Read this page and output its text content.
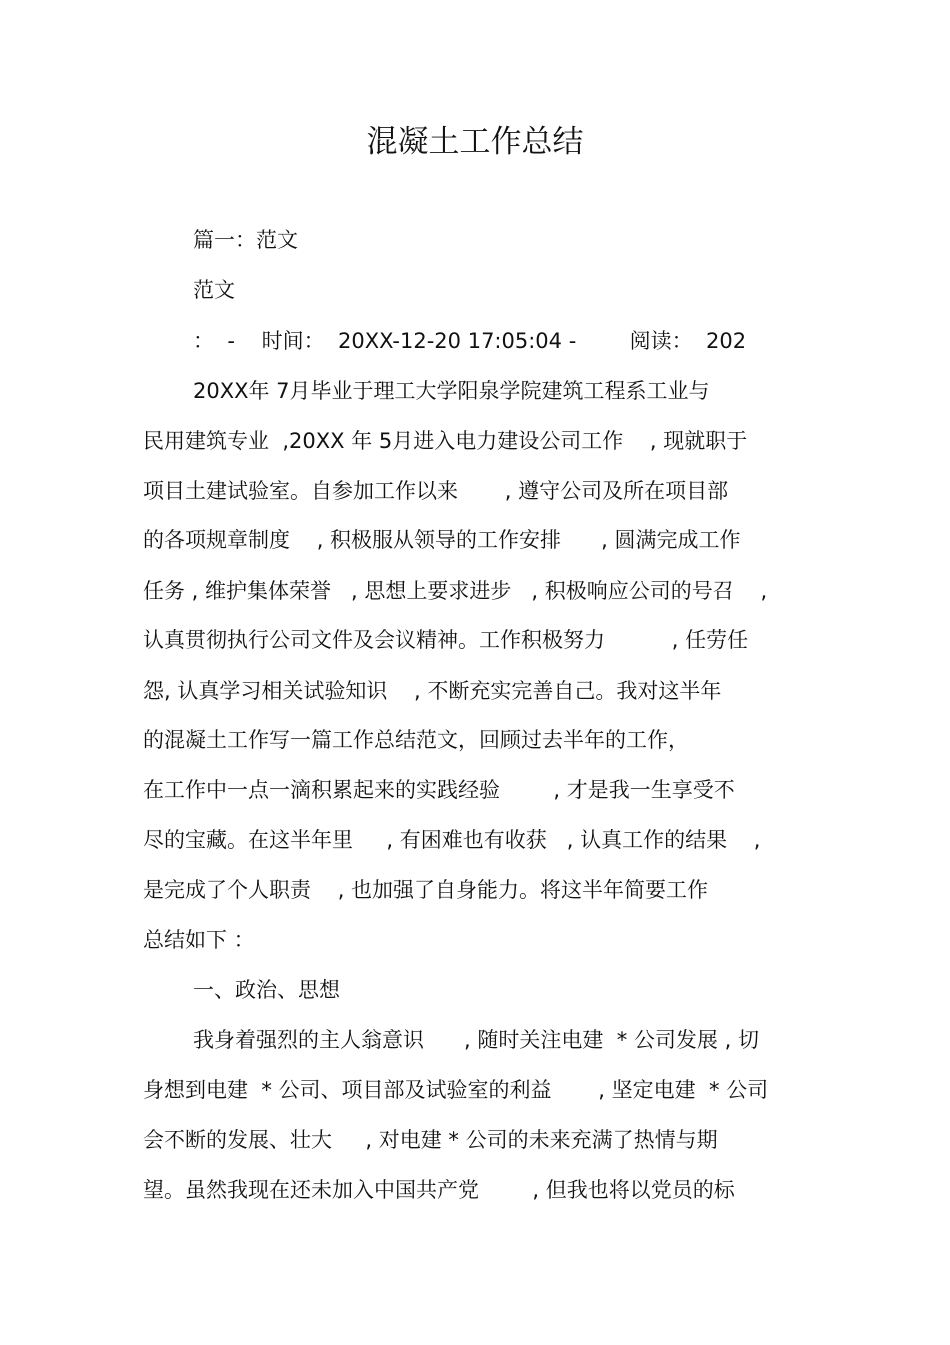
混凝土工作总结
篇一：范文
范文
：  -    时间：  20XX-12-20 17:05:04 -        阅读：  202
20XX年 7月毕业于理工大学阳泉学院建筑工程系工业与
民用建筑专业  ,20XX 年 5月进入电力建设公司工作    , 现就职于
项目土建试验室。自参加工作以来       , 遵守公司及所在项目部
的各项规章制度    , 积极服从领导的工作安排      , 圆满完成工作
任务 , 维护集体荣誉   , 思想上要求进步   , 积极响应公司的号召    ,
认真贯彻执行公司文件及会议精神。工作积极努力          , 任劳任
怨, 认真学习相关试验知识    , 不断充实完善自己。我对这半年
的混凝土工作写一篇工作总结范文，回顾过去半年的工作，
在工作中一点一滴积累起来的实践经验        , 才是我一生享受不
尽的宝藏。在这半年里     , 有困难也有收获   , 认真工作的结果    ,
是完成了个人职责    , 也加强了自身能力。将这半年简要工作
总结如下 ：
一、政治、思想
我身着强烈的主人翁意识      , 随时关注电建  * 公司发展 , 切
身想到电建  * 公司、项目部及试验室的利益       , 坚定电建  * 公司
会不断的发展、壮大     , 对电建 * 公司的未来充满了热情与期
望。虽然我现在还未加入中国共产党        , 但我也将以党员的标
